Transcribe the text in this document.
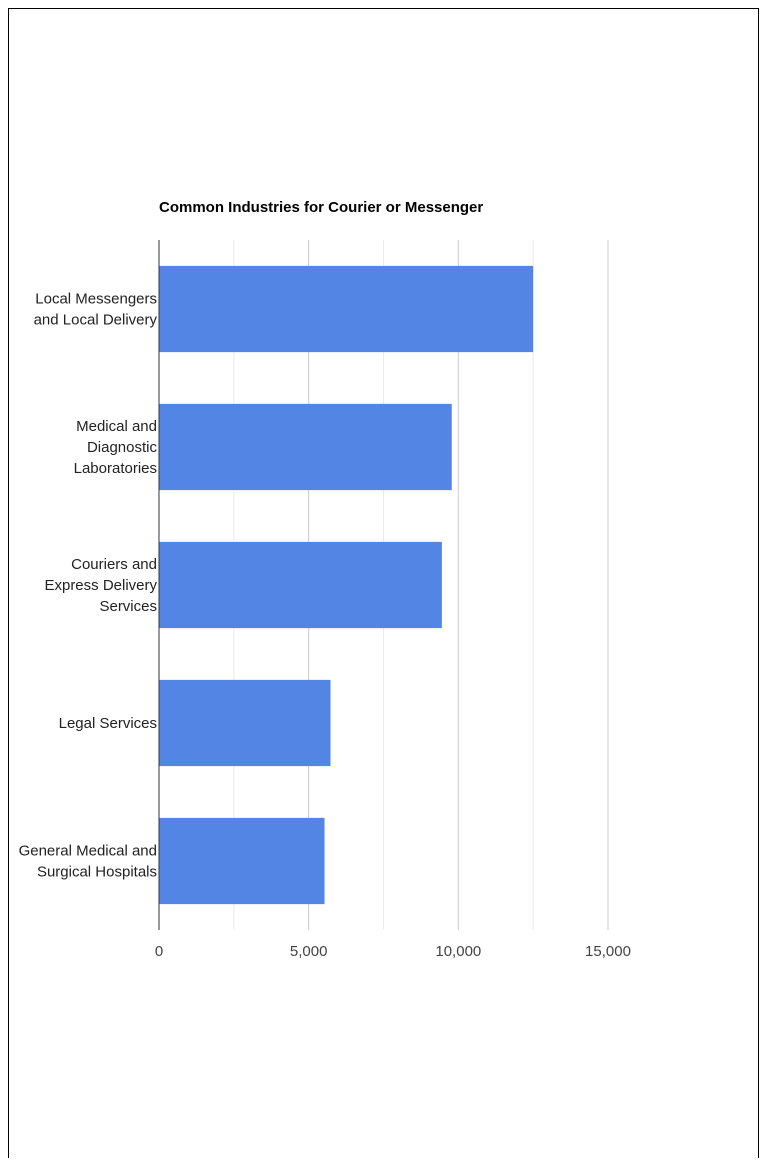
Common Industries for Courier or Messenger
Local Messengers and Local Delivery
Medical and Diagnostic Laboratories
Couriers and Express Delivery Services
Legal Services
General Medical and Surgical Hospitals
0	5,000	10,000	15,000
